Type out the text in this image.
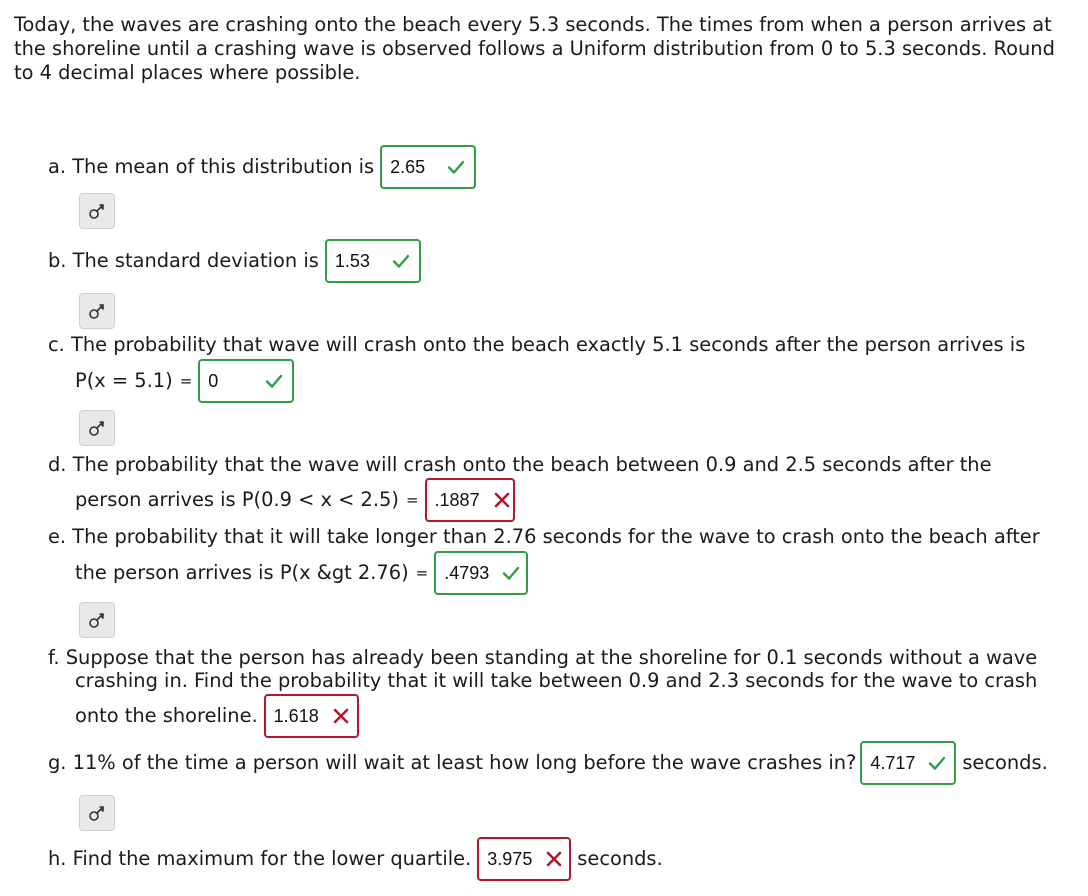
Today, the waves are crashing onto the beach every 5.3 seconds. The times from when a person arrives at the shoreline until a crashing wave is observed follows a Uniform distribution from 0 to 5.3 seconds. Round to 4 decimal places where possible.
a. The mean of this distribution is 2.65
b. The standard deviation is 1.53
c. The probability that wave will crash onto the beach exactly 5.1 seconds after the person arrives is
P(x = 5.1) = 0
d. The probability that the wave will crash onto the beach between 0.9 and 2.5 seconds after the
person arrives is P(0.9 < x < 2.5) = .1887
e. The probability that it will take longer than 2.76 seconds for the wave to crash onto the beach after
the person arrives is P(x &gt 2.76) = .4793
f. Suppose that the person has already been standing at the shoreline for 0.1 seconds without a wave
crashing in. Find the probability that it will take between 0.9 and 2.3 seconds for the wave to crash
onto the shoreline. 1.618
g. 11% of the time a person will wait at least how long before the wave crashes in? 4.717 seconds.
h. Find the maximum for the lower quartile. 3.975 seconds.
